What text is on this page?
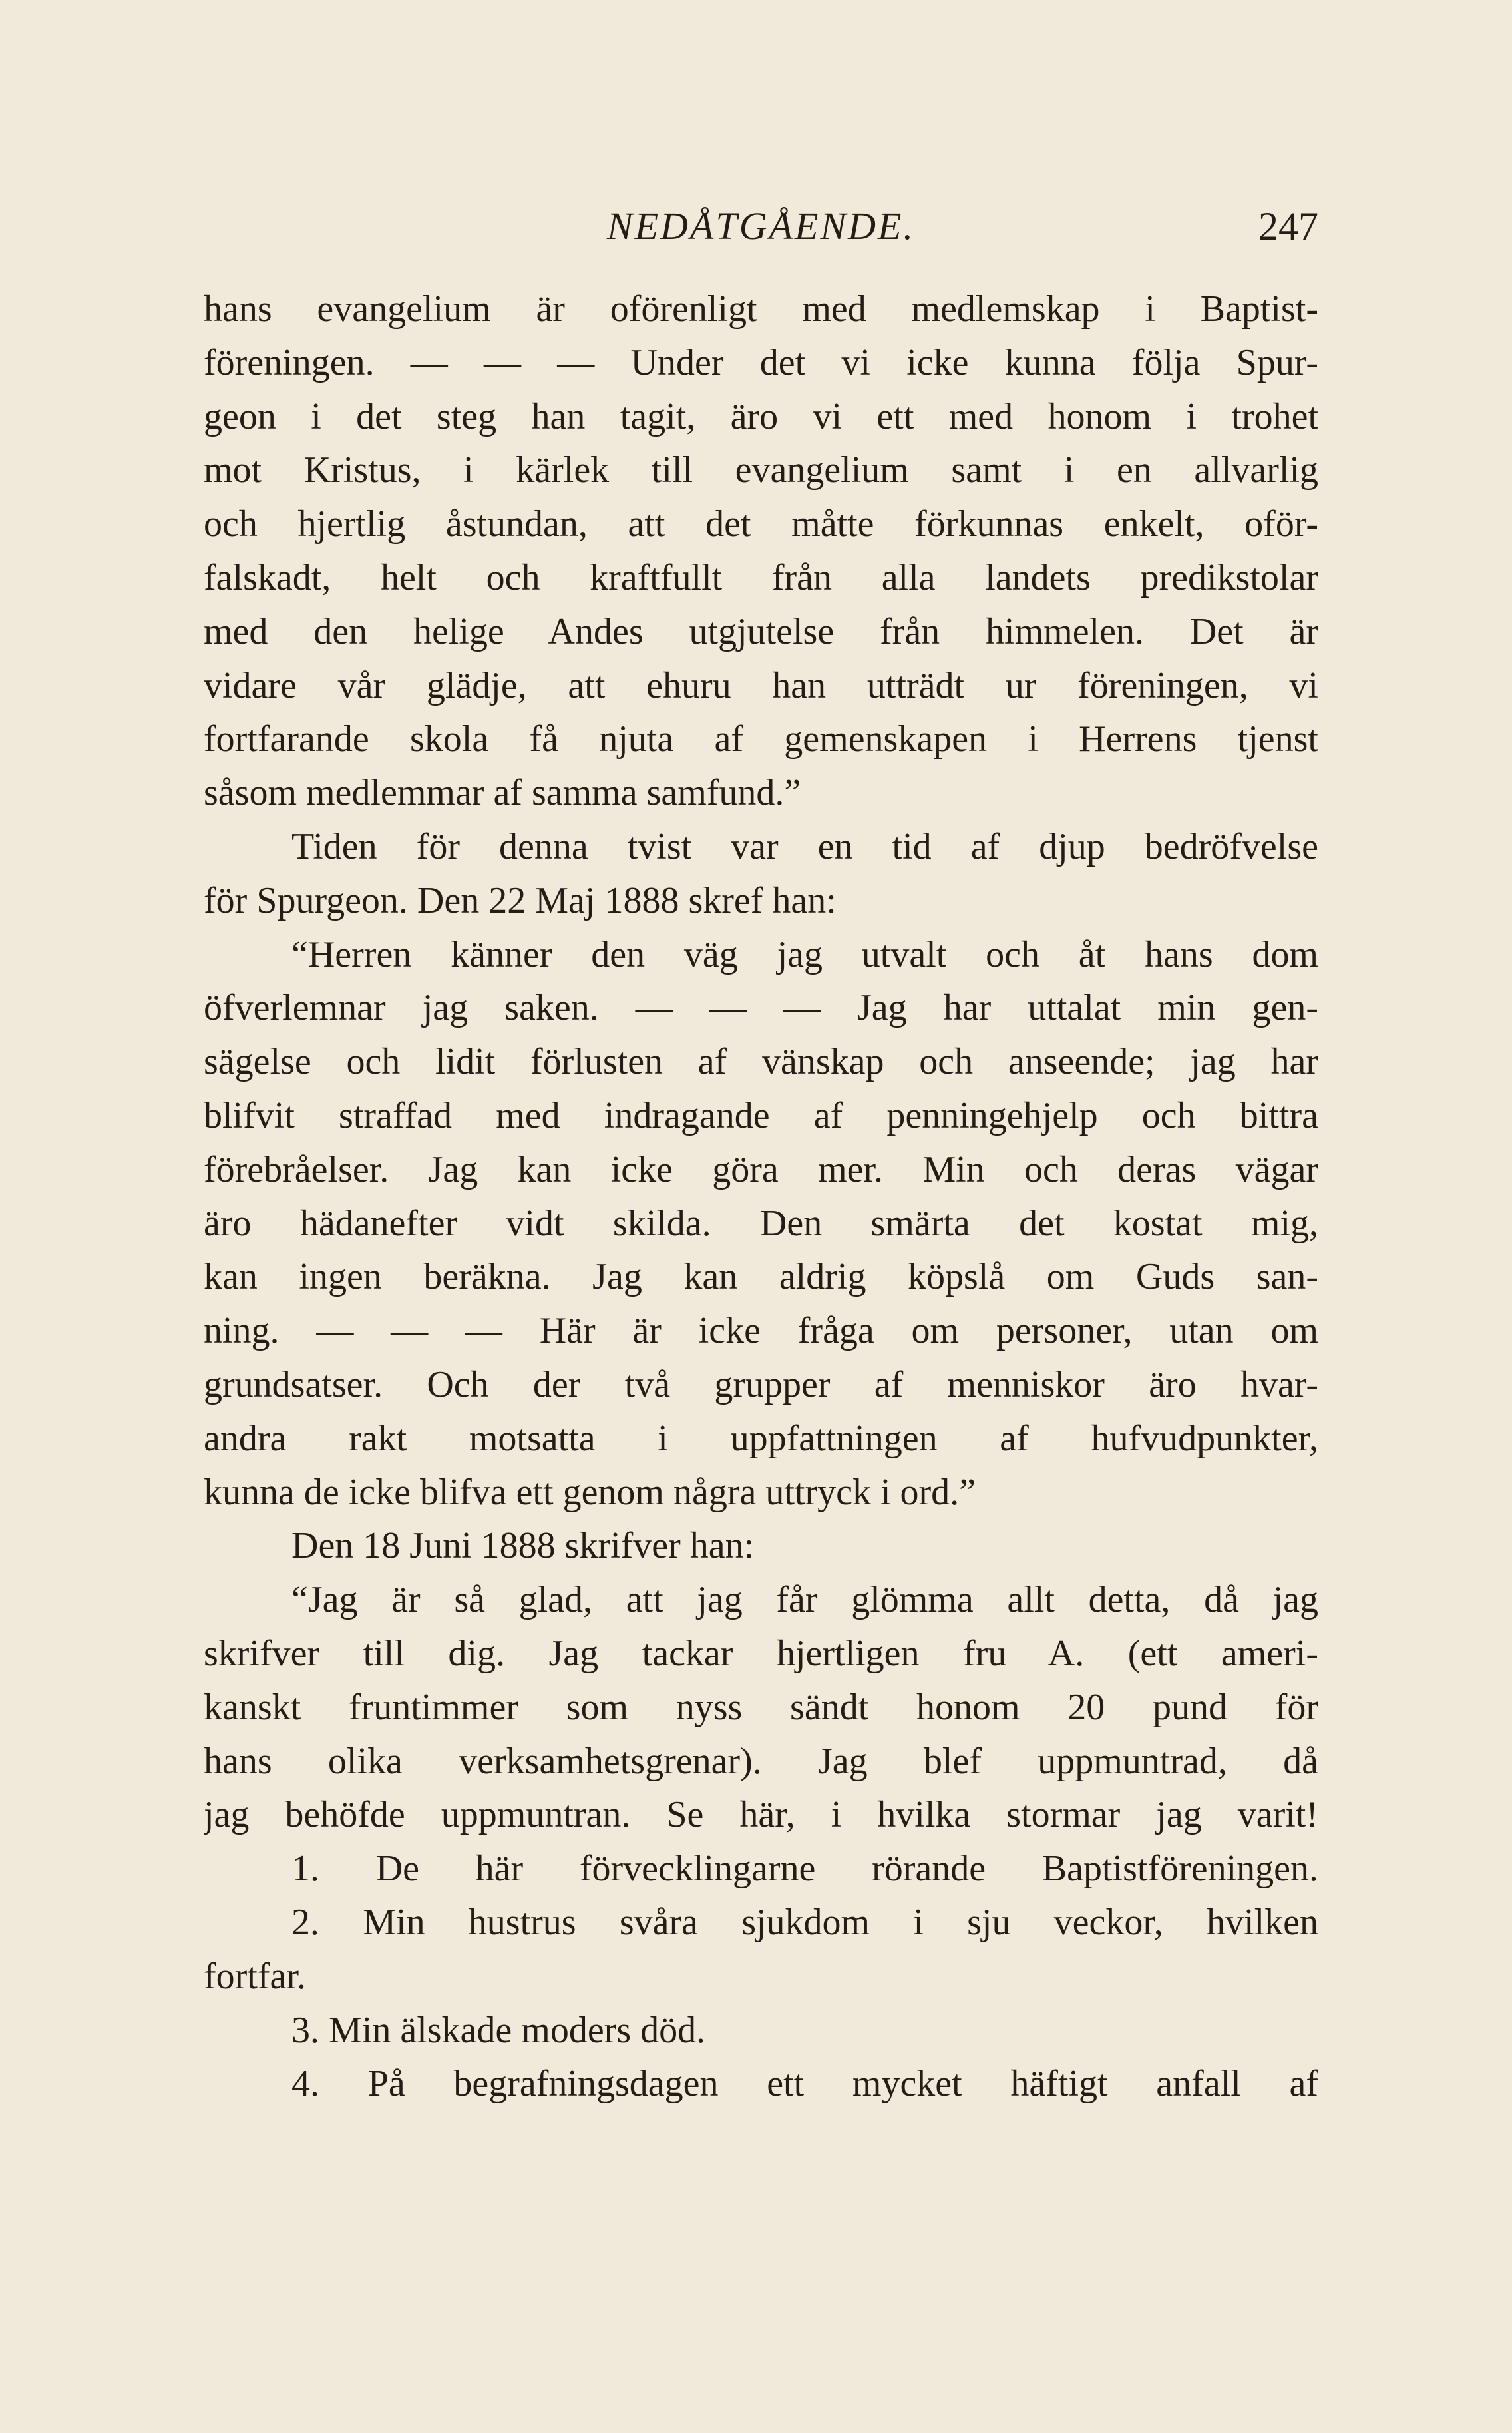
NEDÅTGÅENDE.	247
hans evangelium är oförenligt med medlemskap i Baptist-
föreningen. — — — Under det vi icke kunna följa Spur-
geon i det steg han tagit, äro vi ett med honom i trohet
mot Kristus, i kärlek till evangelium samt i en allvarlig
och hjertlig åstundan, att det måtte förkunnas enkelt, oför-
falskadt, helt och kraftfullt från alla landets predikstolar
med den helige Andes utgjutelse från himmelen. Det är
vidare vår glädje, att ehuru han utträdt ur föreningen, vi
fortfarande skola få njuta af gemenskapen i Herrens tjenst
såsom medlemmar af samma samfund.”
Tiden för denna tvist var en tid af djup bedröfvelse
för Spurgeon. Den 22 Maj 1888 skref han:
“Herren känner den väg jag utvalt och åt hans dom
öfverlemnar jag saken. — — — Jag har uttalat min gen-
sägelse och lidit förlusten af vänskap och anseende; jag har
blifvit straffad med indragande af penningehjelp och bittra
förebråelser. Jag kan icke göra mer. Min och deras vägar
äro hädanefter vidt skilda. Den smärta det kostat mig,
kan ingen beräkna. Jag kan aldrig köpslå om Guds san-
ning. — — — Här är icke fråga om personer, utan om
grundsatser. Och der två grupper af menniskor äro hvar-
andra rakt motsatta i uppfattningen af hufvudpunkter,
kunna de icke blifva ett genom några uttryck i ord.”
Den 18 Juni 1888 skrifver han:
“Jag är så glad, att jag får glömma allt detta, då jag
skrifver till dig. Jag tackar hjertligen fru A. (ett ameri-
kanskt fruntimmer som nyss sändt honom 20 pund för
hans olika verksamhetsgrenar). Jag blef uppmuntrad, då
jag behöfde uppmuntran. Se här, i hvilka stormar jag varit!
1. De här förvecklingarne rörande Baptistföreningen.
2. Min hustrus svåra sjukdom i sju veckor, hvilken
fortfar.
3. Min älskade moders död.
4. På begrafningsdagen ett mycket häftigt anfall af
